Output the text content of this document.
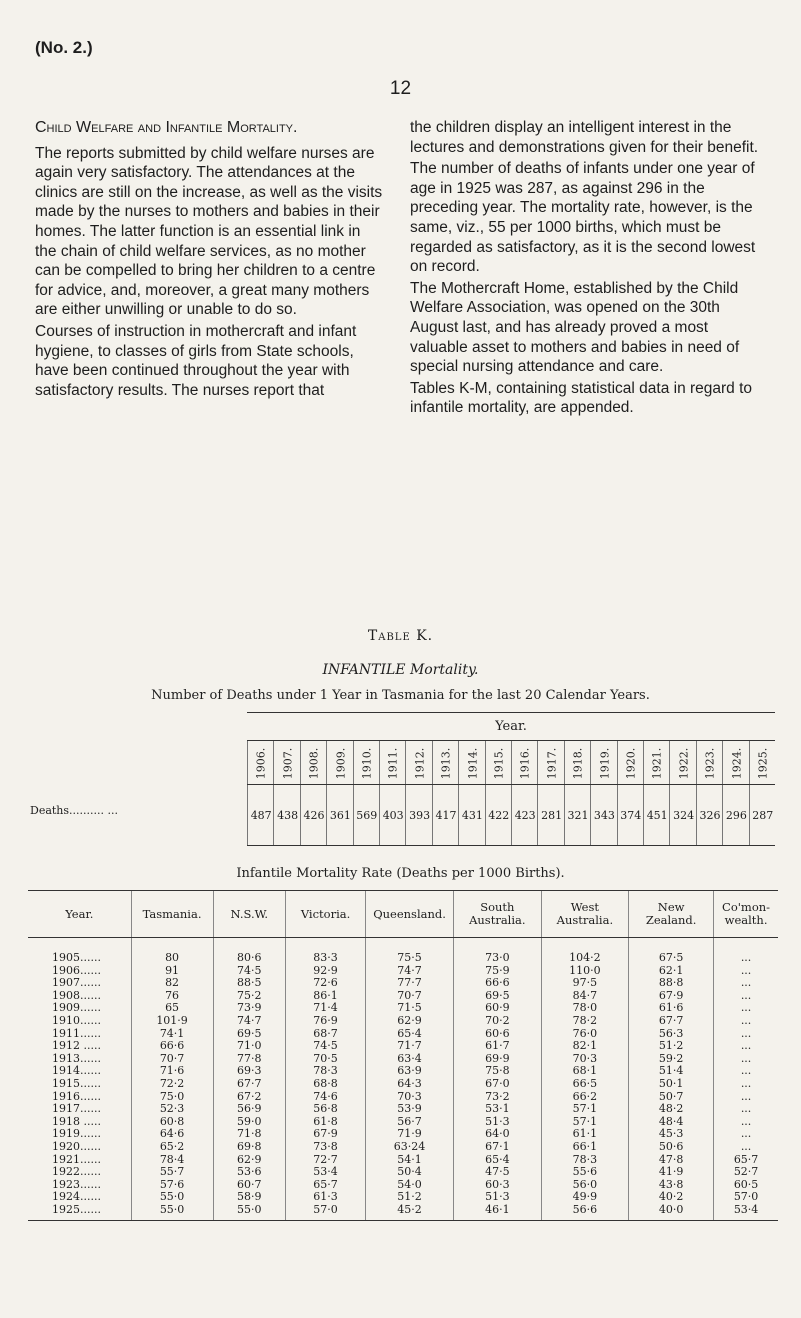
(No. 2.)
12
Child Welfare and Infantile Mortality.
The reports submitted by child welfare nurses are again very satisfactory. The attendances at the clinics are still on the increase, as well as the visits made by the nurses to mothers and babies in their homes. The latter function is an essential link in the chain of child welfare services, as no mother can be compelled to bring her children to a centre for advice, and, moreover, a great many mothers are either unwilling or unable to do so.
Courses of instruction in mothercraft and infant hygiene, to classes of girls from State schools, have been continued throughout the year with satisfactory results. The nurses report that
the children display an intelligent interest in the lectures and demonstrations given for their benefit.
The number of deaths of infants under one year of age in 1925 was 287, as against 296 in the preceding year. The mortality rate, however, is the same, viz., 55 per 1000 births, which must be regarded as satisfactory, as it is the second lowest on record.
The Mothercraft Home, established by the Child Welfare Association, was opened on the 30th August last, and has already proved a most valuable asset to mothers and babies in need of special nursing attendance and care.
Tables K-M, containing statistical data in regard to infantile mortality, are appended.
Table K.
INFANTILE Mortality.
Number of Deaths under 1 Year in Tasmania for the last 20 Calendar Years.
Year.
1906. 1907. 1908. 1909. 1910. 1911. 1912. 1913. 1914. 1915. 1916. 1917. 1918. 1919. 1920. 1921. 1922. 1923. 1924. 1925.
Deaths.......... ...	487 438 426 361 569 403 393 417 431 422 423 281 321 343 374 451 324 326 296 287
Infantile Mortality Rate (Deaths per 1000 Births).
Year.	Tasmania.	N.S.W.	Victoria.	Queensland.	South Australia.	West Australia.	New Zealand.	Co'mon-wealth.
1905......	80	80·6	83·3	75·5	73·0	104·2	67·5	...
1906......	91	74·5	92·9	74·7	75·9	110·0	62·1	...
1907......	82	88·5	72·6	77·7	66·6	97·5	88·8	...
1908......	76	75·2	86·1	70·7	69·5	84·7	67·9	...
1909......	65	73·9	71·4	71·5	60·9	78·0	61·6	...
1910......	101·9	74·7	76·9	62·9	70·2	78·2	67·7	...
1911......	74·1	69·5	68·7	65·4	60·6	76·0	56·3	...
1912 .....	66·6	71·0	74·5	71·7	61·7	82·1	51·2	...
1913......	70·7	77·8	70·5	63·4	69·9	70·3	59·2	...
1914......	71·6	69·3	78·3	63·9	75·8	68·1	51·4	...
1915......	72·2	67·7	68·8	64·3	67·0	66·5	50·1	...
1916......	75·0	67·2	74·6	70·3	73·2	66·2	50·7	...
1917......	52·3	56·9	56·8	53·9	53·1	57·1	48·2	...
1918 .....	60·8	59·0	61·8	56·7	51·3	57·1	48·4	...
1919......	64·6	71·8	67·9	71·9	64·0	61·1	45·3	...
1920......	65·2	69·8	73·8	63·24	67·1	66·1	50·6	...
1921......	78·4	62·9	72·7	54·1	65·4	78·3	47·8	65·7
1922......	55·7	53·6	53·4	50·4	47·5	55·6	41·9	52·7
1923......	57·6	60·7	65·7	54·0	60·3	56·0	43·8	60·5
1924......	55·0	58·9	61·3	51·2	51·3	49·9	40·2	57·0
1925......	55·0	55·0	57·0	45·2	46·1	56·6	40·0	53·4
